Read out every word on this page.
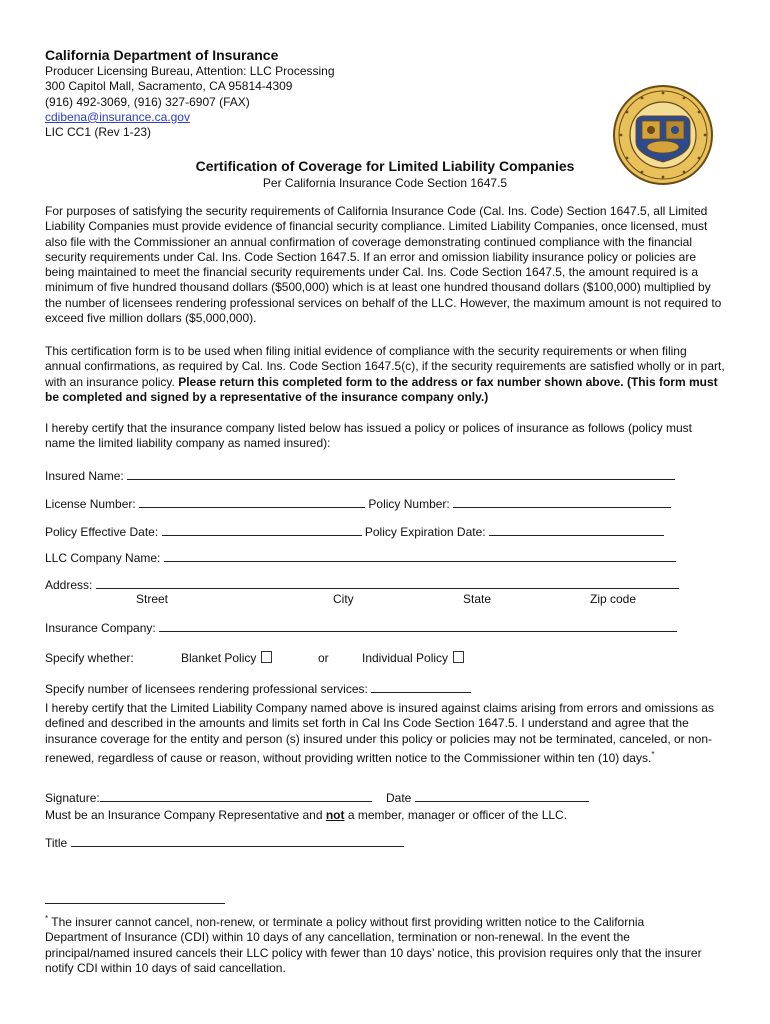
California Department of Insurance
Producer Licensing Bureau, Attention: LLC Processing
300 Capitol Mall, Sacramento, CA 95814-4309
(916) 492-3069, (916) 327-6907 (FAX)
cdibena@insurance.ca.gov
LIC CC1 (Rev 1-23)
Certification of Coverage for Limited Liability Companies
Per California Insurance Code Section 1647.5
For purposes of satisfying the security requirements of California Insurance Code (Cal. Ins. Code) Section 1647.5, all Limited Liability Companies must provide evidence of financial security compliance. Limited Liability Companies, once licensed, must also file with the Commissioner an annual confirmation of coverage demonstrating continued compliance with the financial security requirements under Cal. Ins. Code Section 1647.5. If an error and omission liability insurance policy or policies are being maintained to meet the financial security requirements under Cal. Ins. Code Section 1647.5, the amount required is a minimum of five hundred thousand dollars ($500,000) which is at least one hundred thousand dollars ($100,000) multiplied by the number of licensees rendering professional services on behalf of the LLC. However, the maximum amount is not required to exceed five million dollars ($5,000,000).
This certification form is to be used when filing initial evidence of compliance with the security requirements or when filing annual confirmations, as required by Cal. Ins. Code Section 1647.5(c), if the security requirements are satisfied wholly or in part, with an insurance policy. Please return this completed form to the address or fax number shown above. (This form must be completed and signed by a representative of the insurance company only.)
I hereby certify that the insurance company listed below has issued a policy or polices of insurance as follows (policy must name the limited liability company as named insured):
Insured Name:
License Number:	Policy Number:
Policy Effective Date:	Policy Expiration Date:
LLC Company Name:
Address:
Street	City	State	Zip code
Insurance Company:
Specify whether:	Blanket Policy	or	Individual Policy
Specify number of licensees rendering professional services:
I hereby certify that the Limited Liability Company named above is insured against claims arising from errors and omissions as defined and described in the amounts and limits set forth in Cal Ins Code Section 1647.5. I understand and agree that the insurance coverage for the entity and person (s) insured under this policy or policies may not be terminated, canceled, or non-renewed, regardless of cause or reason, without providing written notice to the Commissioner within ten (10) days.*
Signature:	Date
Must be an Insurance Company Representative and not a member, manager or officer of the LLC.
Title
* The insurer cannot cancel, non-renew, or terminate a policy without first providing written notice to the California Department of Insurance (CDI) within 10 days of any cancellation, termination or non-renewal. In the event the principal/named insured cancels their LLC policy with fewer than 10 days’ notice, this provision requires only that the insurer notify CDI within 10 days of said cancellation.
